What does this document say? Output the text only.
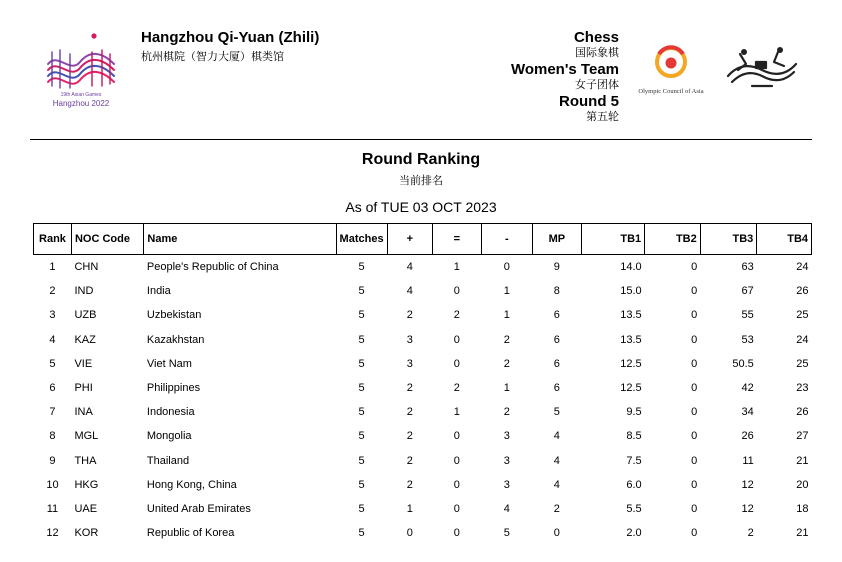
19th Asian Games
Hangzhou 2022
Hangzhou Qi-Yuan (Zhili)
杭州棋院（智力大厦）棋类馆
Chess
国际象棋
Women's Team
女子团体
Round 5
第五轮
Olympic Council of Asia
Round Ranking
当前排名
As of TUE 03 OCT 2023
Rank	NOC Code	Name	Matches	+	=	-	MP	TB1	TB2	TB3	TB4
1	CHN	People's Republic of China	5	4	1	0	9	14.0	0	63	24
2	IND	India	5	4	0	1	8	15.0	0	67	26
3	UZB	Uzbekistan	5	2	2	1	6	13.5	0	55	25
4	KAZ	Kazakhstan	5	3	0	2	6	13.5	0	53	24
5	VIE	Viet Nam	5	3	0	2	6	12.5	0	50.5	25
6	PHI	Philippines	5	2	2	1	6	12.5	0	42	23
7	INA	Indonesia	5	2	1	2	5	9.5	0	34	26
8	MGL	Mongolia	5	2	0	3	4	8.5	0	26	27
9	THA	Thailand	5	2	0	3	4	7.5	0	11	21
10	HKG	Hong Kong, China	5	2	0	3	4	6.0	0	12	20
11	UAE	United Arab Emirates	5	1	0	4	2	5.5	0	12	18
12	KOR	Republic of Korea	5	0	0	5	0	2.0	0	2	21
